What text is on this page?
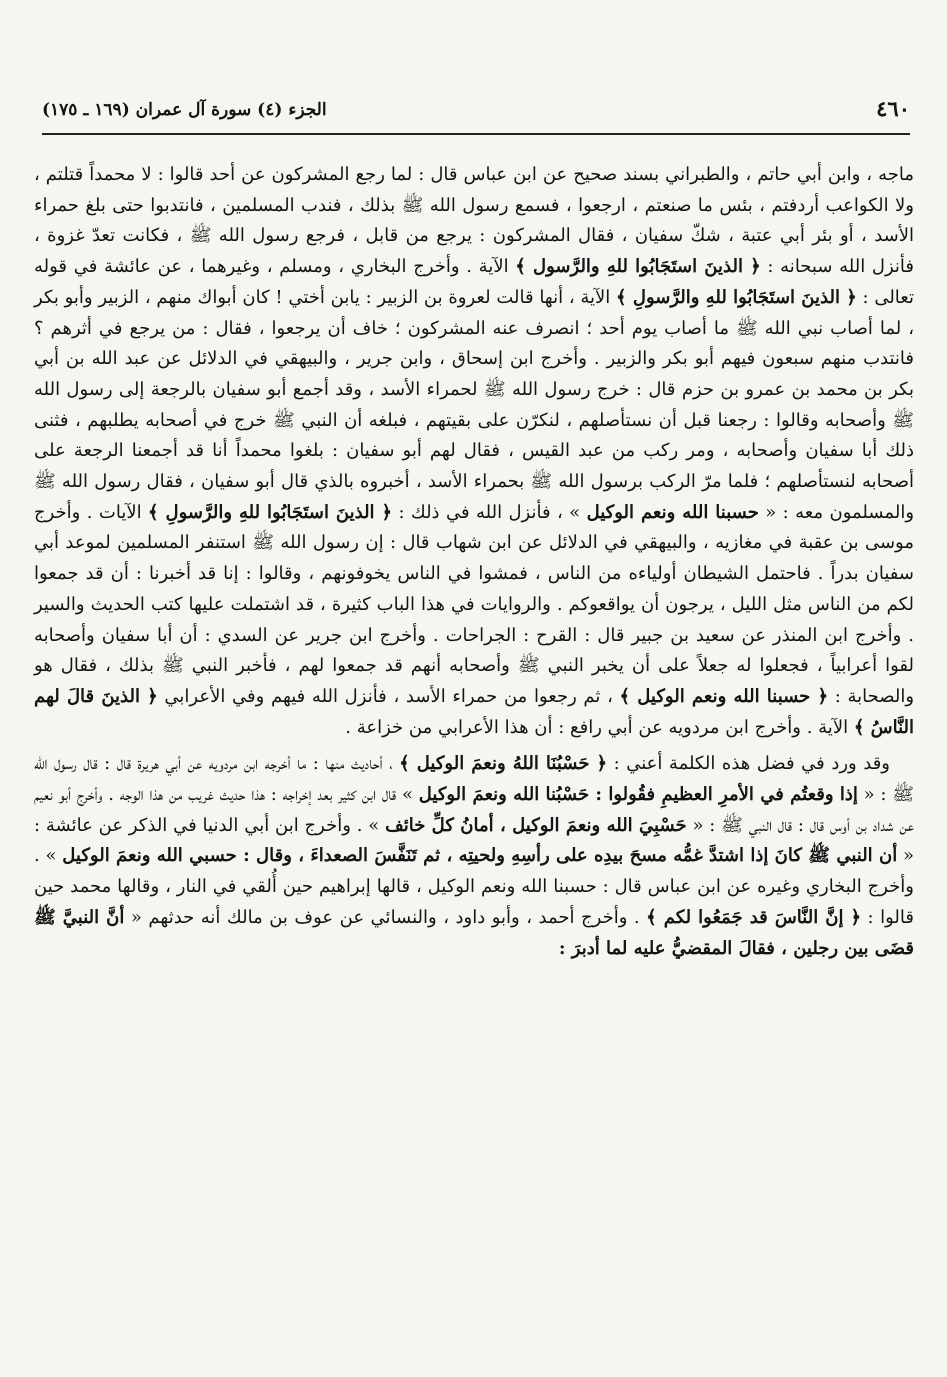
٤٦٠
الجزء (٤) سورة آل عمران (١٦٩ ـ ١٧٥)

ماجه ، وابن أبي حاتم ، والطبراني بسند صحيح عن ابن عباس قال : لما رجع المشركون عن أحد قالوا : لا محمداً قتلتم ، ولا الكواعب أردفتم ، بئس ما صنعتم ، ارجعوا ، فسمع رسول الله ﷺ بذلك ، فندب المسلمين ، فانتدبوا حتى بلغ حمراء الأسد ، أو بئر أبي عتبة ، شكّ سفيان ، فقال المشركون : يرجع من قابل ، فرجع رسول الله ﷺ ، فكانت تعدّ غزوة ، فأنزل الله سبحانه : ﴿ الذينَ استَجَابُوا للهِ والرَّسول ﴾ الآية . وأخرج البخاري ، ومسلم ، وغيرهما ، عن عائشة في قوله تعالى : ﴿ الذينَ استَجَابُوا للهِ والرَّسولِ ﴾ الآية ، أنها قالت لعروة بن الزبير : يابن أختي ! كان أبواك منهم ، الزبير وأبو بكر ، لما أصاب نبي الله ﷺ ما أصاب يوم أحد ؛ انصرف عنه المشركون ؛ خاف أن يرجعوا ، فقال : من يرجع في أثرهم ؟ فانتدب منهم سبعون فيهم أبو بكر والزبير . وأخرج ابن إسحاق ، وابن جرير ، والبيهقي في الدلائل عن عبد الله بن أبي بكر بن محمد بن عمرو بن حزم قال : خرج رسول الله ﷺ لحمراء الأسد ، وقد أجمع أبو سفيان بالرجعة إلى رسول الله ﷺ وأصحابه وقالوا : رجعنا قبل أن نستأصلهم ، لنكرّن على بقيتهم ، فبلغه أن النبي ﷺ خرج في أصحابه يطلبهم ، فثنى ذلك أبا سفيان وأصحابه ، ومر ركب من عبد القيس ، فقال لهم أبو سفيان : بلغوا محمداً أنا قد أجمعنا الرجعة على أصحابه لنستأصلهم ؛ فلما مرّ الركب برسول الله ﷺ بحمراء الأسد ، أخبروه بالذي قال أبو سفيان ، فقال رسول الله ﷺ والمسلمون معه : « حسبنا الله ونعم الوكيل » ، فأنزل الله في ذلك : ﴿ الذينَ استَجَابُوا للهِ والرَّسولِ ﴾ الآيات . وأخرج موسى بن عقبة في مغازيه ، والبيهقي في الدلائل عن ابن شهاب قال : إن رسول الله ﷺ استنفر المسلمين لموعد أبي سفيان بدراً . فاحتمل الشيطان أولياءه من الناس ، فمشوا في الناس يخوفونهم ، وقالوا : إنا قد أخبرنا : أن قد جمعوا لكم من الناس مثل الليل ، يرجون أن يواقعوكم . والروايات في هذا الباب كثيرة ، قد اشتملت عليها كتب الحديث والسير . وأخرج ابن المنذر عن سعيد بن جبير قال : القرح : الجراحات . وأخرج ابن جرير عن السدي : أن أبا سفيان وأصحابه لقوا أعرابياً ، فجعلوا له جعلاً على أن يخبر النبي ﷺ وأصحابه أنهم قد جمعوا لهم ، فأخبر النبي ﷺ بذلك ، فقال هو والصحابة : ﴿ حسبنا الله ونعم الوكيل ﴾ ، ثم رجعوا من حمراء الأسد ، فأنزل الله فيهم وفي الأعرابي ﴿ الذينَ قالَ لهم النَّاسُ ﴾ الآية . وأخرج ابن مردويه عن أبي رافع : أن هذا الأعرابي من خزاعة .

وقد ورد في فضل هذه الكلمة أعني : ﴿ حَسْبُنَا اللهُ ونعمَ الوكيل ﴾ ، أحاديث منها : ما أخرجه ابن مردويه عن أبي هريرة قال : قال رسول الله ﷺ : « إذا وقعتُم في الأمرِ العظيمِ فقُولوا : حَسْبُنا الله ونعمَ الوكيل » قال ابن كثير بعد إخراجه : هذا حديث غريب من هذا الوجه . وأخرج أبو نعيم عن شداد بن أوس قال : قال النبي ﷺ : « حَسْبِيَ الله ونعمَ الوكيل ، أمانُ كلِّ خائف » . وأخرج ابن أبي الدنيا في الذكر عن عائشة : « أن النبي ﷺ كانَ إذا اشتدَّ غمُّه مسحَ بيدِه على رأسِهِ ولحيتِه ، ثم تَنَفَّسَ الصعداءَ ، وقال : حسبي الله ونعمَ الوكيل » . وأخرج البخاري وغيره عن ابن عباس قال : حسبنا الله ونعم الوكيل ، قالها إبراهيم حين أُلقي في النار ، وقالها محمد حين قالوا : ﴿ إنَّ النَّاسَ قد جَمَعُوا لكم ﴾ . وأخرج أحمد ، وأبو داود ، والنسائي عن عوف بن مالك أنه حدثهم « أنَّ النبيَّ ﷺ قضَى بين رجلين ، فقالَ المقضيُّ عليه لما أدبرَ :
